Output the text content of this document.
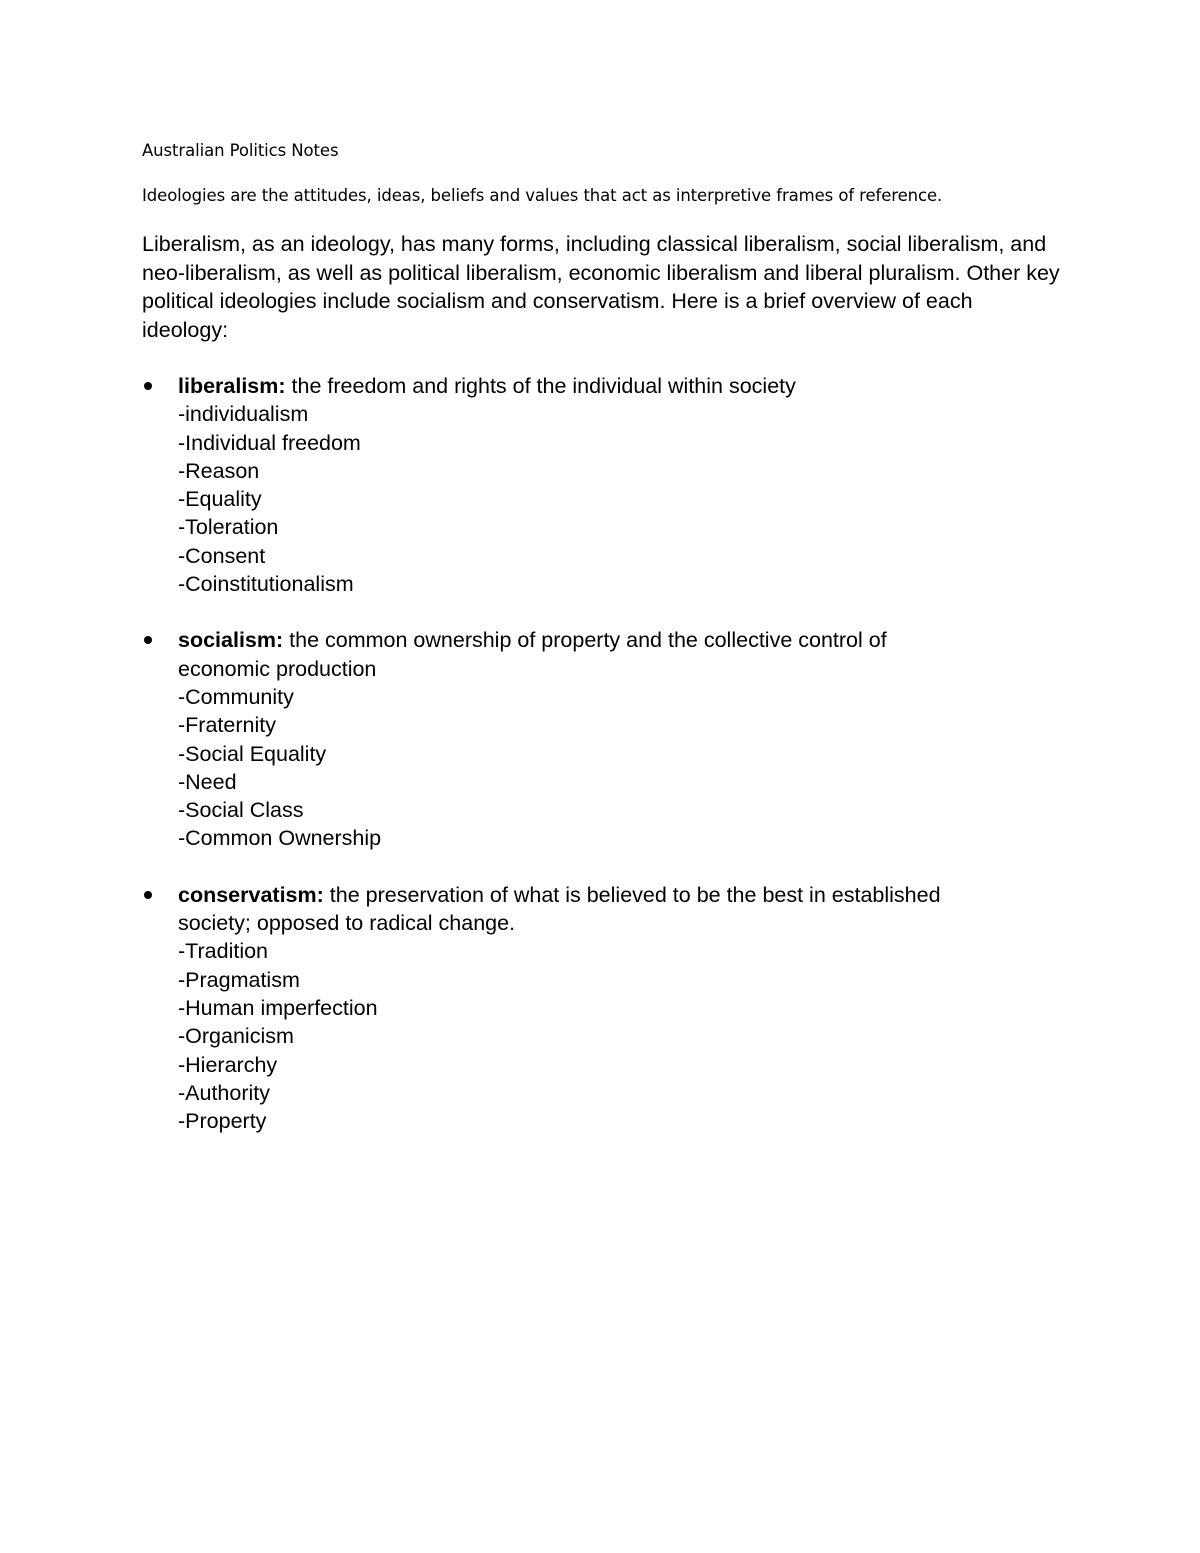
Australian Politics Notes

Ideologies are the attitudes, ideas, beliefs and values that act as interpretive frames of reference.

Liberalism, as an ideology, has many forms, including classical liberalism, social liberalism, and neo-liberalism, as well as political liberalism, economic liberalism and liberal pluralism. Other key political ideologies include socialism and conservatism. Here is a brief overview of each ideology:

liberalism: the freedom and rights of the individual within society

-individualism
-Individual freedom
-Reason
-Equality
-Toleration
-Consent
-Coinstitutionalism

socialism: the common ownership of property and the collective control of

economic production

-Community
-Fraternity
-Social Equality
-Need
-Social Class
-Common Ownership

conservatism: the preservation of what is believed to be the best in established

society; opposed to radical change.

-Tradition
-Pragmatism
-Human imperfection
-Organicism
-Hierarchy
-Authority
-Property
